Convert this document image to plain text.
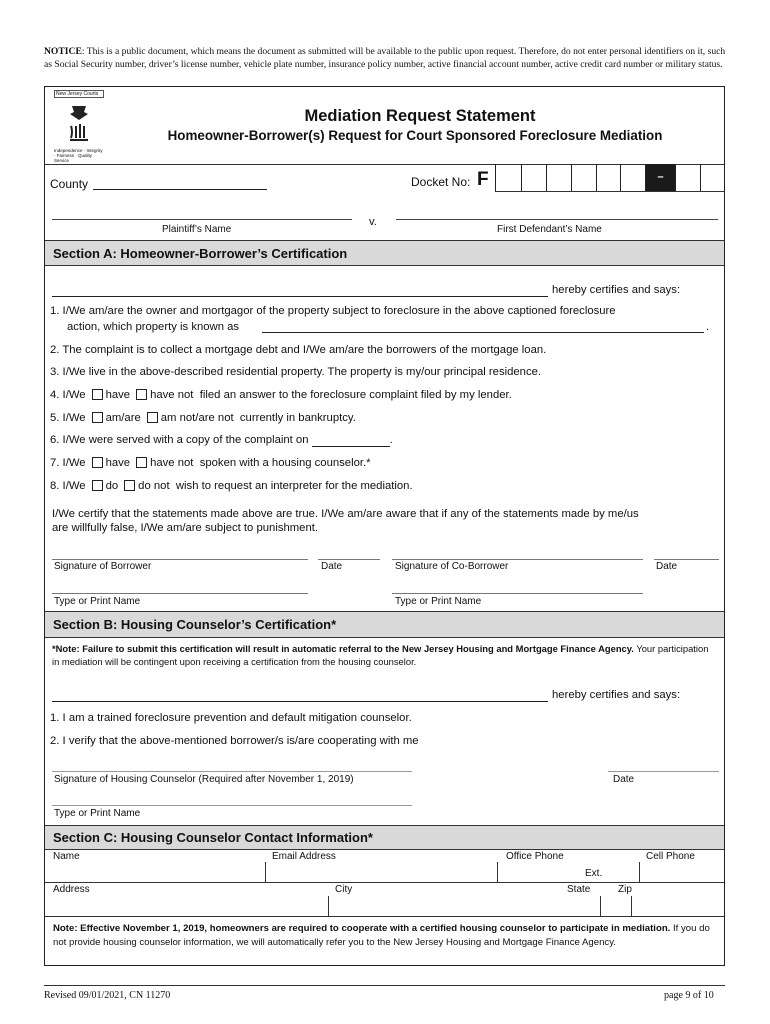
NOTICE: This is a public document, which means the document as submitted will be available to the public upon request. Therefore, do not enter personal identifiers on it, such as Social Security number, driver’s license number, vehicle plate number, insurance policy number, active financial account number, active credit card number or military status.
New Jersey Courts
Independence · Integrity · Fairness · Quality Service
Mediation Request Statement
Homeowner-Borrower(s) Request for Court Sponsored Foreclosure Mediation
County	Docket No: F	–
v.
Plaintiff’s Name	First Defendant’s Name
Section A: Homeowner-Borrower’s Certification
hereby certifies and says:
1. I/We am/are the owner and mortgagor of the property subject to foreclosure in the above captioned foreclosure
action, which property is known as	.
2. The complaint is to collect a mortgage debt and I/We am/are the borrowers of the mortgage loan.
3. I/We live in the above-described residential property. The property is my/our principal residence.
4. I/We have have not filed an answer to the foreclosure complaint filed by my lender.
5. I/We am/are am not/are not currently in bankruptcy.
6. I/We were served with a copy of the complaint on	.
7. I/We have have not spoken with a housing counselor.*
8. I/We do do not wish to request an interpreter for the mediation.
I/We certify that the statements made above are true. I/We am/are aware that if any of the statements made by me/us
are willfully false, I/We am/are subject to punishment.
Signature of Borrower	Date	Signature of Co-Borrower	Date
Type or Print Name	Type or Print Name
Section B: Housing Counselor’s Certification*
*Note: Failure to submit this certification will result in automatic referral to the New Jersey Housing and Mortgage Finance Agency. Your participation in mediation will be contingent upon receiving a certification from the housing counselor.
hereby certifies and says:
1. I am a trained foreclosure prevention and default mitigation counselor.
2. I verify that the above-mentioned borrower/s is/are cooperating with me
Signature of Housing Counselor (Required after November 1, 2019)	Date
Type or Print Name
Section C: Housing Counselor Contact Information*
Name	Email Address	Office Phone	Cell Phone
Ext.
Address	City	State	Zip
Note: Effective November 1, 2019, homeowners are required to cooperate with a certified housing counselor to participate in mediation. If you do not provide housing counselor information, we will automatically refer you to the New Jersey Housing and Mortgage Finance Agency.
Revised 09/01/2021, CN 11270	page 9 of 10
